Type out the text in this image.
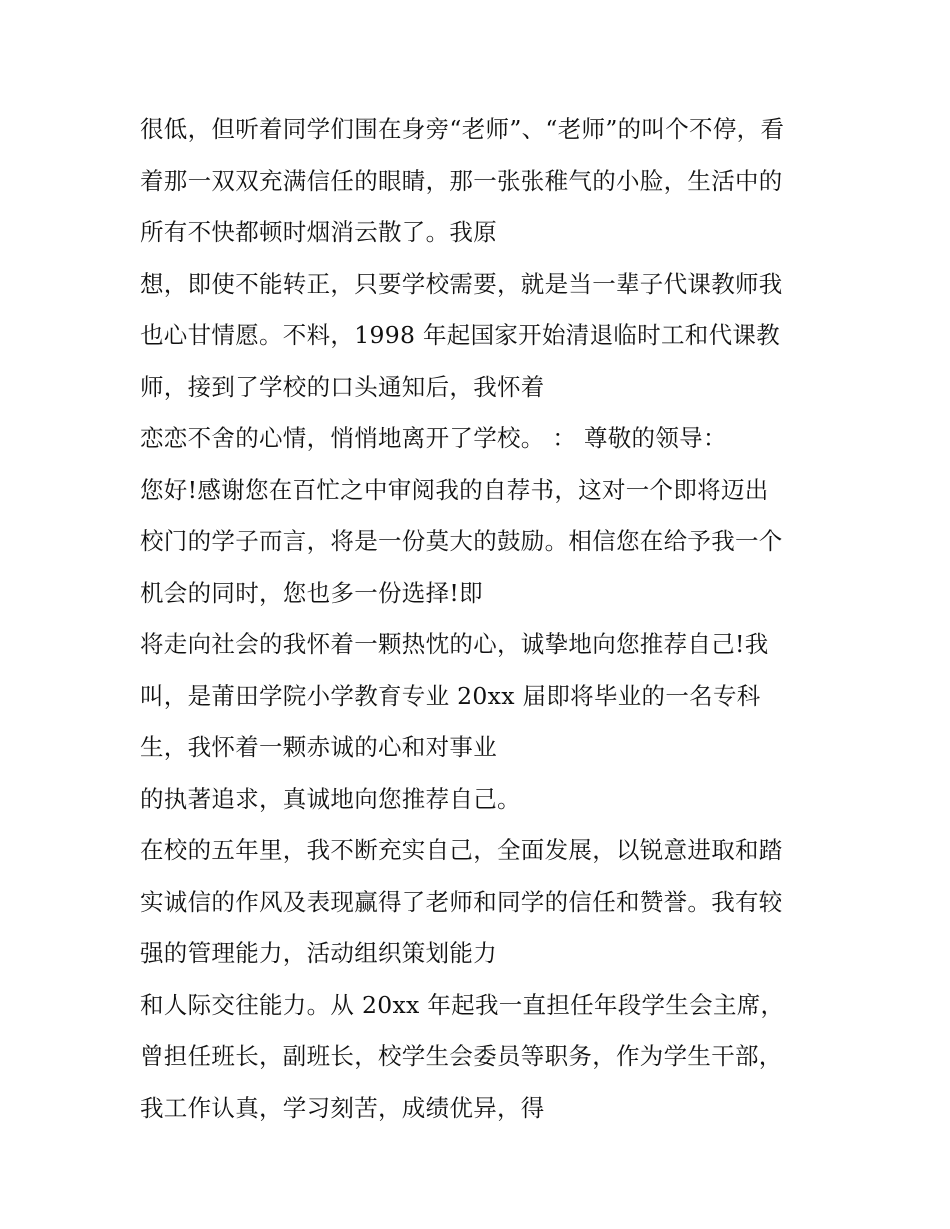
很低，但听着同学们围在身旁“老师”、“老师”的叫个不停，看
着那一双双充满信任的眼睛，那一张张稚气的小脸，生活中的
所有不快都顿时烟消云散了。我原
想，即使不能转正，只要学校需要，就是当一辈子代课教师我
也心甘情愿。不料，1998 年起国家开始清退临时工和代课教
师，接到了学校的口头通知后，我怀着
恋恋不舍的心情，悄悄地离开了学校。 ： 尊敬的领导：
您好!感谢您在百忙之中审阅我的自荐书，这对一个即将迈出
校门的学子而言，将是一份莫大的鼓励。相信您在给予我一个
机会的同时，您也多一份选择!即
将走向社会的我怀着一颗热忱的心，诚挚地向您推荐自己!我
叫，是莆田学院小学教育专业 20xx 届即将毕业的一名专科
生，我怀着一颗赤诚的心和对事业
的执著追求，真诚地向您推荐自己。
在校的五年里，我不断充实自己，全面发展，以锐意进取和踏
实诚信的作风及表现赢得了老师和同学的信任和赞誉。我有较
强的管理能力，活动组织策划能力
和人际交往能力。从 20xx 年起我一直担任年段学生会主席，
曾担任班长，副班长，校学生会委员等职务，作为学生干部，
我工作认真，学习刻苦，成绩优异，得
